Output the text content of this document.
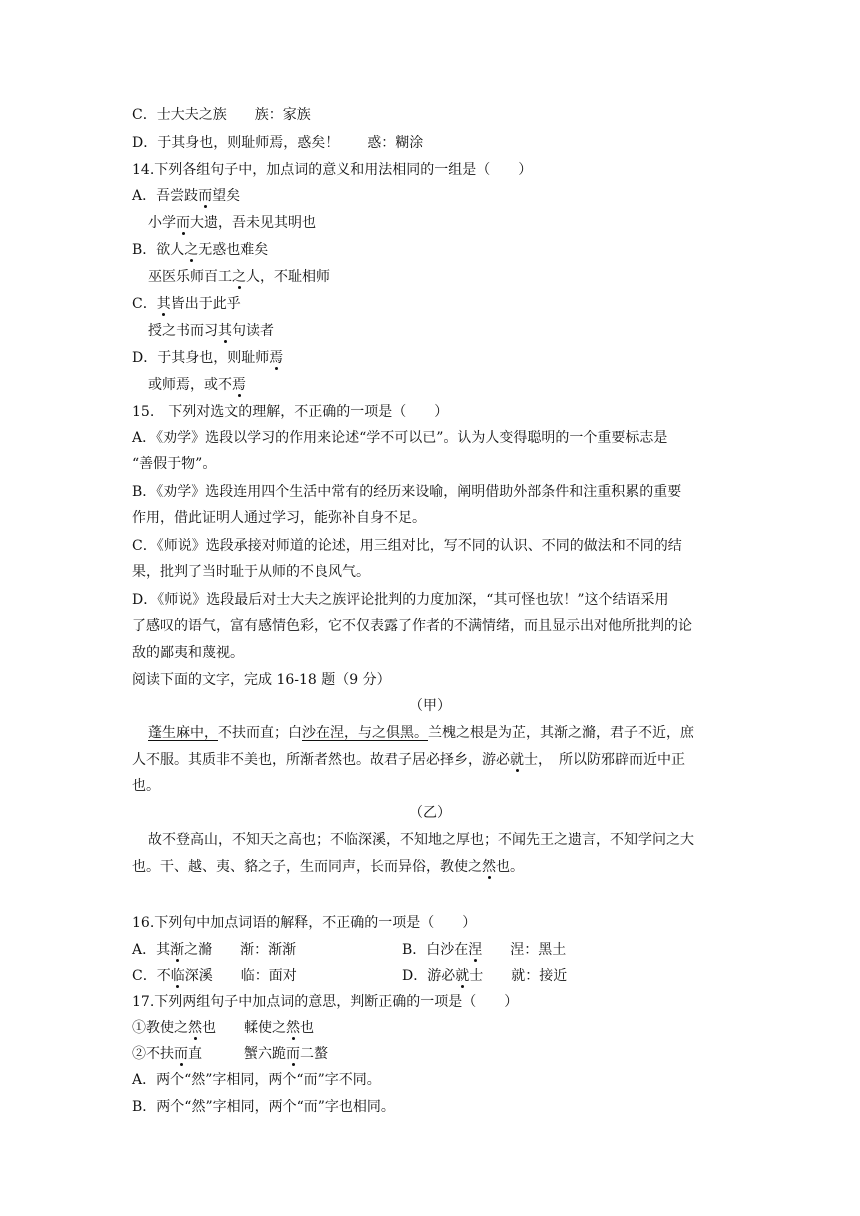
C．士大夫之族　　族：家族
D．于其身也，则耻师焉，惑矣！　　惑：糊涂
14.下列各组句子中，加点词的意义和用法相同的一组是（　　）
A．吾尝跂而望矣
小学而大遗，吾未见其明也
B．欲人之无惑也难矣
巫医乐师百工之人，不耻相师
C．其皆出于此乎
授之书而习其句读者
D．于其身也，则耻师焉
或师焉，或不焉
15.　下列对选文的理解，不正确的一项是（　　）
A．《劝学》选段以学习的作用来论述“学不可以已”。认为人变得聪明的一个重要标志是
“善假于物”。
B．《劝学》选段连用四个生活中常有的经历来设喻，阐明借助外部条件和注重积累的重要
作用，借此证明人通过学习，能弥补自身不足。
C．《师说》选段承接对师道的论述，用三组对比，写不同的认识、不同的做法和不同的结
果，批判了当时耻于从师的不良风气。
D．《师说》选段最后对士大夫之族评论批判的力度加深，“其可怪也欤！”这个结语采用
了感叹的语气，富有感情色彩，它不仅表露了作者的不满情绪，而且显示出对他所批判的论
敌的鄙夷和蔑视。
阅读下面的文字，完成 16-18 题（9 分）
（甲）
蓬生麻中，不扶而直；白沙在涅，与之俱黑。兰槐之根是为芷，其渐之滫，君子不近，庶
人不服。其质非不美也，所渐者然也。故君子居必择乡，游必就士，　所以防邪辟而近中正
也。
（乙）
故不登高山，不知天之高也；不临深溪，不知地之厚也；不闻先王之遗言，不知学问之大
也。干、越、夷、貉之子，生而同声，长而异俗，教使之然也。
16.下列句中加点词语的解释，不正确的一项是（　　）
A．其渐之滫　　渐：渐渐	B．白沙在涅　　涅：黑土
C．不临深溪　　临：面对	D．游必就士　　就：接近
17.下列两组句子中加点词的意思，判断正确的一项是（　　）
①教使之然也　　輮使之然也
②不扶而直　　　蟹六跪而二螯
A．两个“然”字相同，两个“而”字不同。
B．两个“然”字相同，两个“而”字也相同。
